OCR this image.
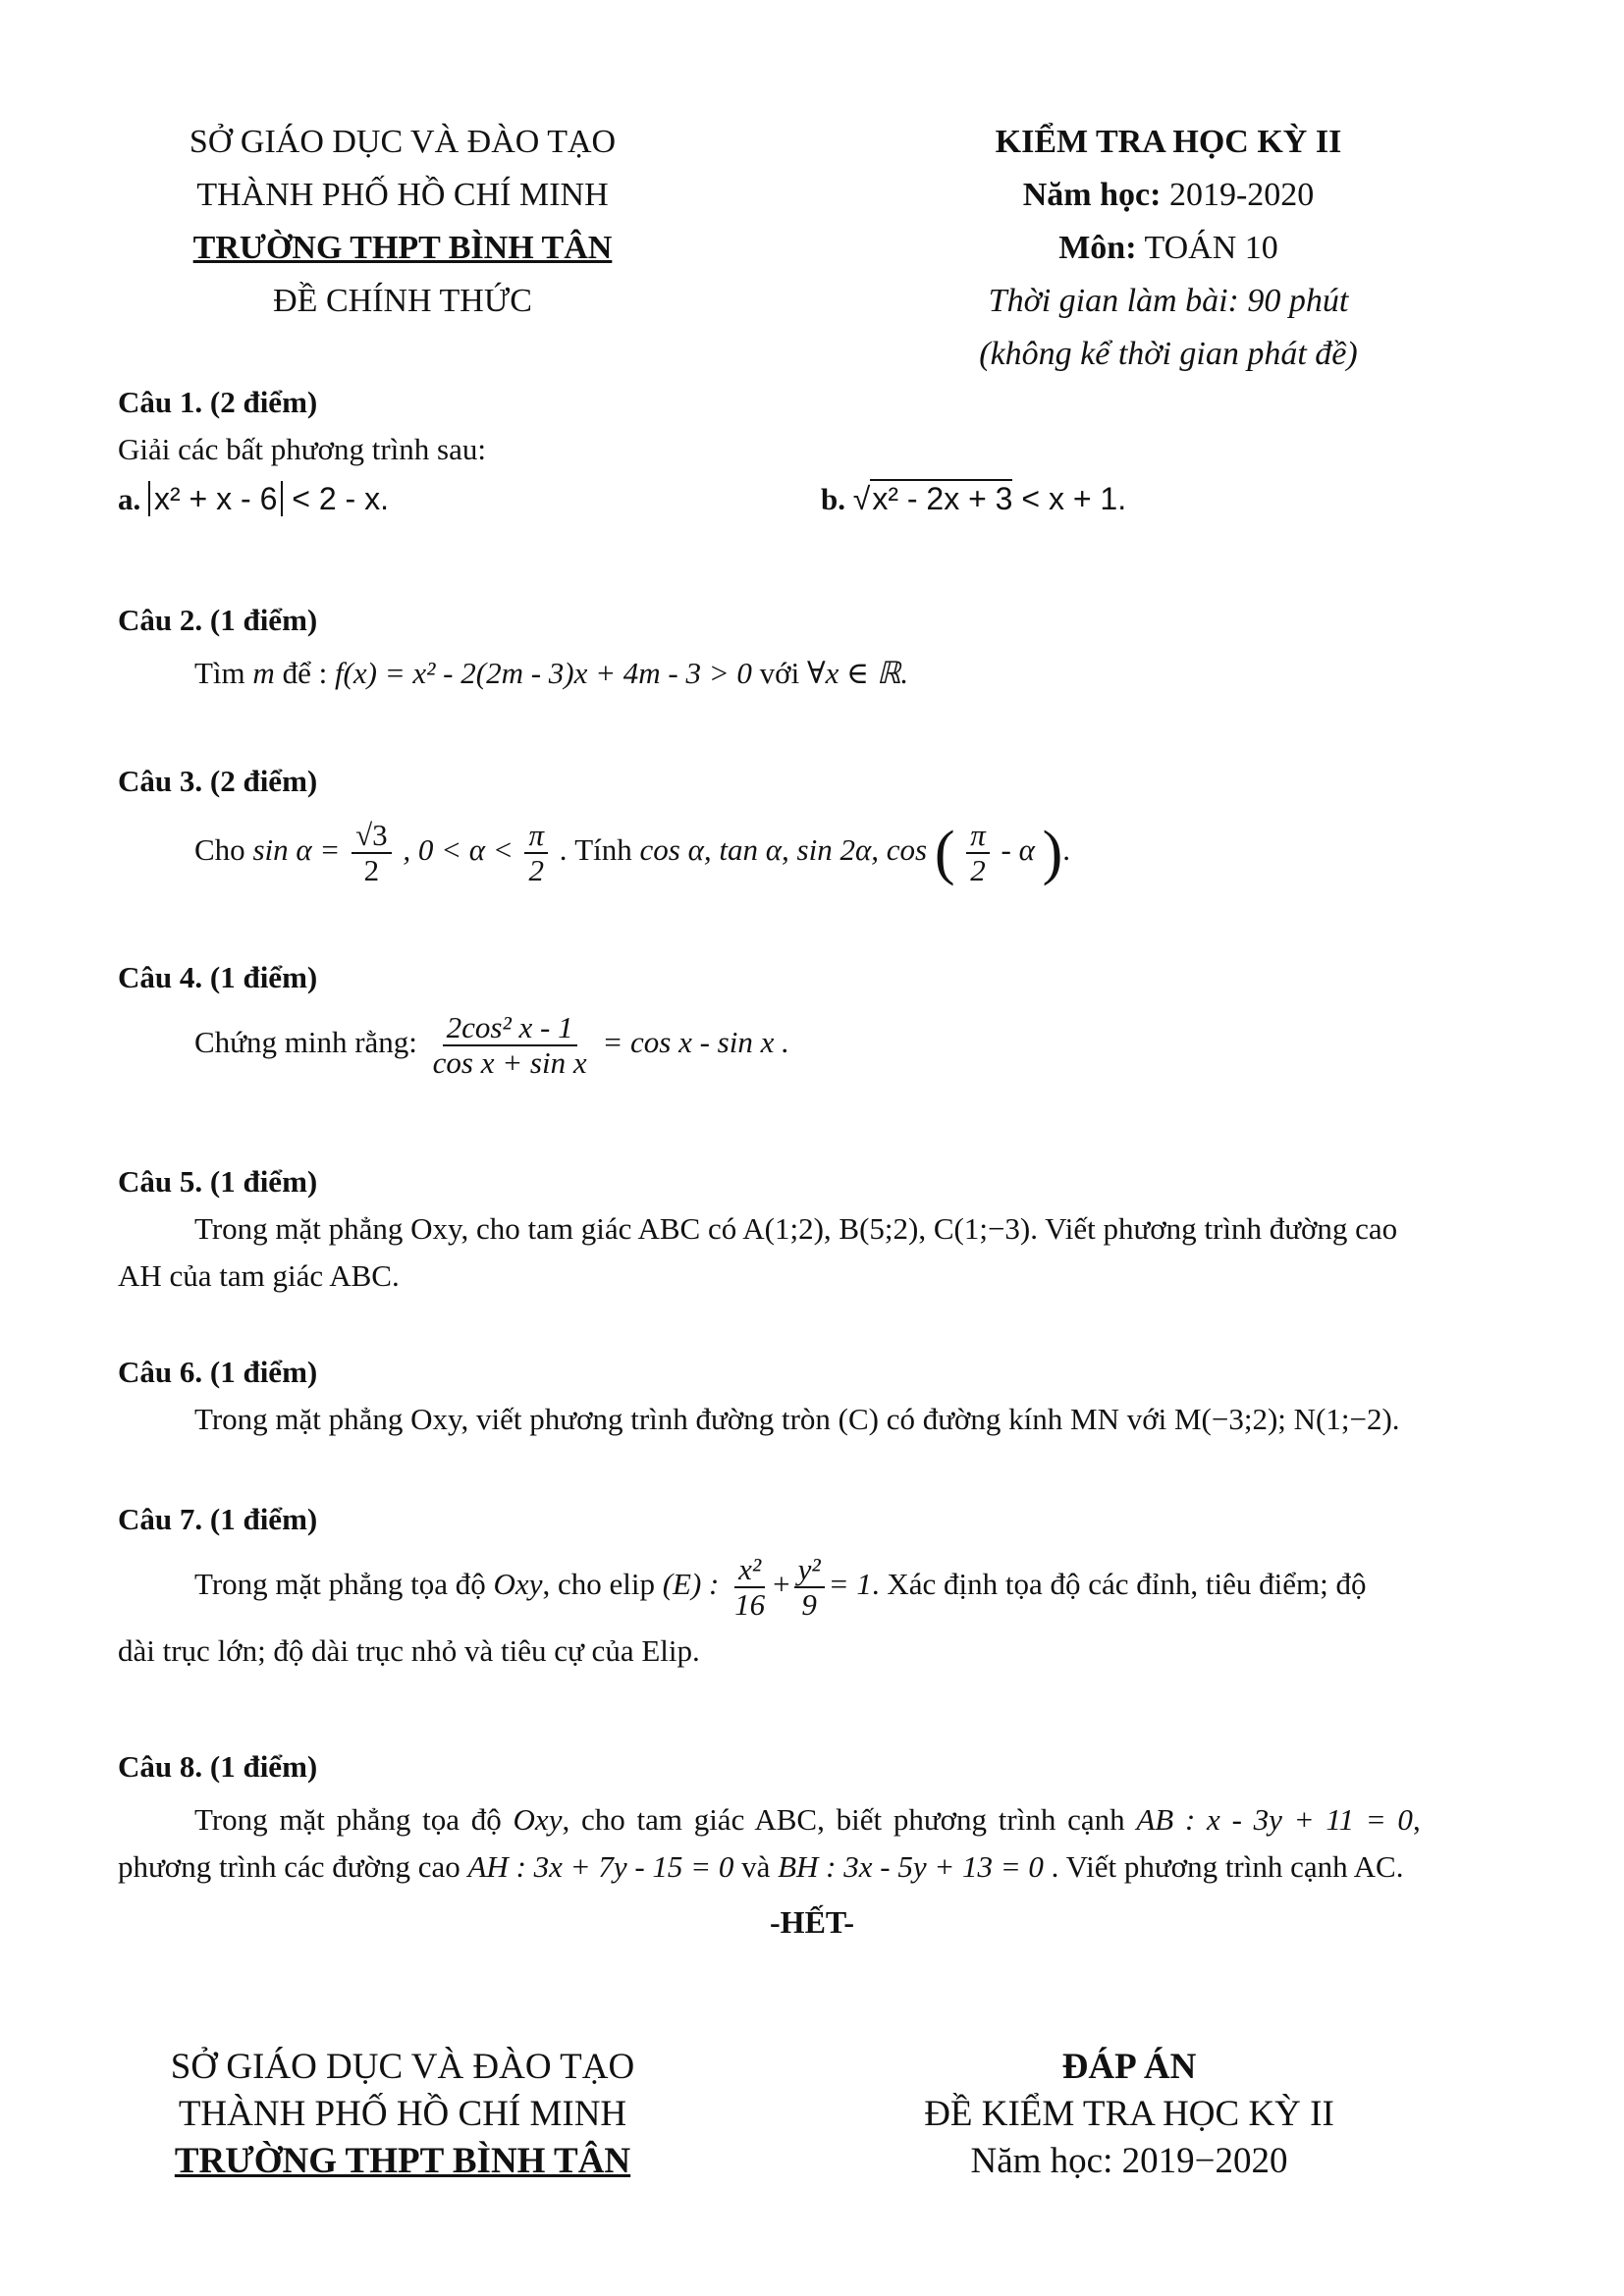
SỞ GIÁO DỤC VÀ ĐÀO TẠO
THÀNH PHỐ HỒ CHÍ MINH
TRƯỜNG THPT BÌNH TÂN
ĐỀ CHÍNH THỨC
KIỂM TRA HỌC KỲ II
Năm học: 2019-2020
Môn: TOÁN 10
Thời gian làm bài: 90 phút
(không kể thời gian phát đề)
Câu 1. (2 điểm)
Giải các bất phương trình sau:
a. x² + x - 6 < 2 - x.	b. √x² - 2x + 3 < x + 1.
Câu 2. (1 điểm)
Tìm m để : f(x) = x² - 2(2m - 3)x + 4m - 3 > 0 với ∀x ∈ ℝ.
Câu 3. (2 điểm)
Cho $\sin \alpha = \frac{√3}{2}$ , $0 < \alpha < \frac{\pi}{2}$ . Tính cos α, tan α, sin 2α, cos ( $\frac{\pi}{2}$ - α ).
Câu 4. (1 điểm)
Chứng minh rằng: $\frac{\text{2cos² x - 1}}{\text{cos x + sin x}} = \cos x - \sin x$ .
Câu 5. (1 điểm)
Trong mặt phẳng Oxy, cho tam giác ABC có A(1;2), B(5;2), C(1;−3). Viết phương trình đường cao
AH của tam giác ABC.
Câu 6. (1 điểm)
Trong mặt phẳng Oxy, viết phương trình đường tròn (C) có đường kính MN với M(−3;2); N(1;−2).
Câu 7. (1 điểm)
Trong mặt phẳng tọa độ Oxy, cho elip (E) : $\frac{\text{x²}}{16} + \frac{\text{y²}}{9} = 1$. Xác định tọa độ các đỉnh, tiêu điểm; độ
dài trục lớn; độ dài trục nhỏ và tiêu cự của Elip.
Câu 8. (1 điểm)
Trong mặt phẳng tọa độ Oxy, cho tam giác ABC, biết phương trình cạnh AB : x - 3y + 11 = 0,
phương trình các đường cao AH : 3x + 7y - 15 = 0 và BH : 3x - 5y + 13 = 0 . Viết phương trình cạnh AC.
-HẾT-
SỞ GIÁO DỤC VÀ ĐÀO TẠO
THÀNH PHỐ HỒ CHÍ MINH
TRƯỜNG THPT BÌNH TÂN
ĐÁP ÁN
ĐỀ KIỂM TRA HỌC KỲ II
Năm học: 2019−2020
